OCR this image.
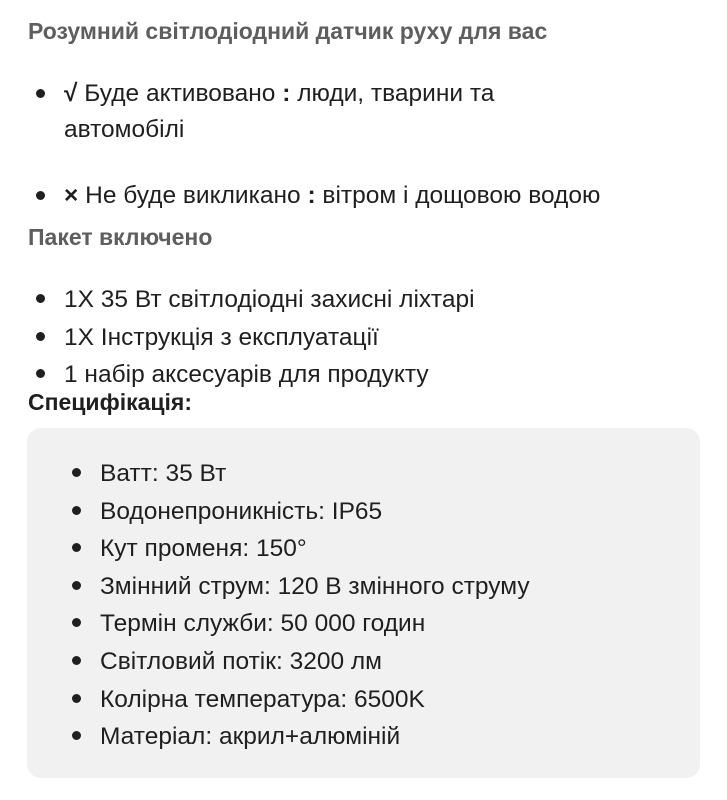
Розумний світлодіодний датчик руху для вас
√ Буде активовано : люди, тварини та
автомобілі
× Не буде викликано : вітром і дощовою водою
Пакет включено
1X 35 Вт світлодіодні захисні ліхтарі
1X Інструкція з експлуатації
1 набір аксесуарів для продукту
Специфікація:
Ватт: 35 Вт
Водонепроникність: IP65
Кут променя: 150°
Змінний струм: 120 В змінного струму
Термін служби: 50 000 годин
Світловий потік: 3200 лм
Колірна температура: 6500K
Матеріал: акрил+алюміній
